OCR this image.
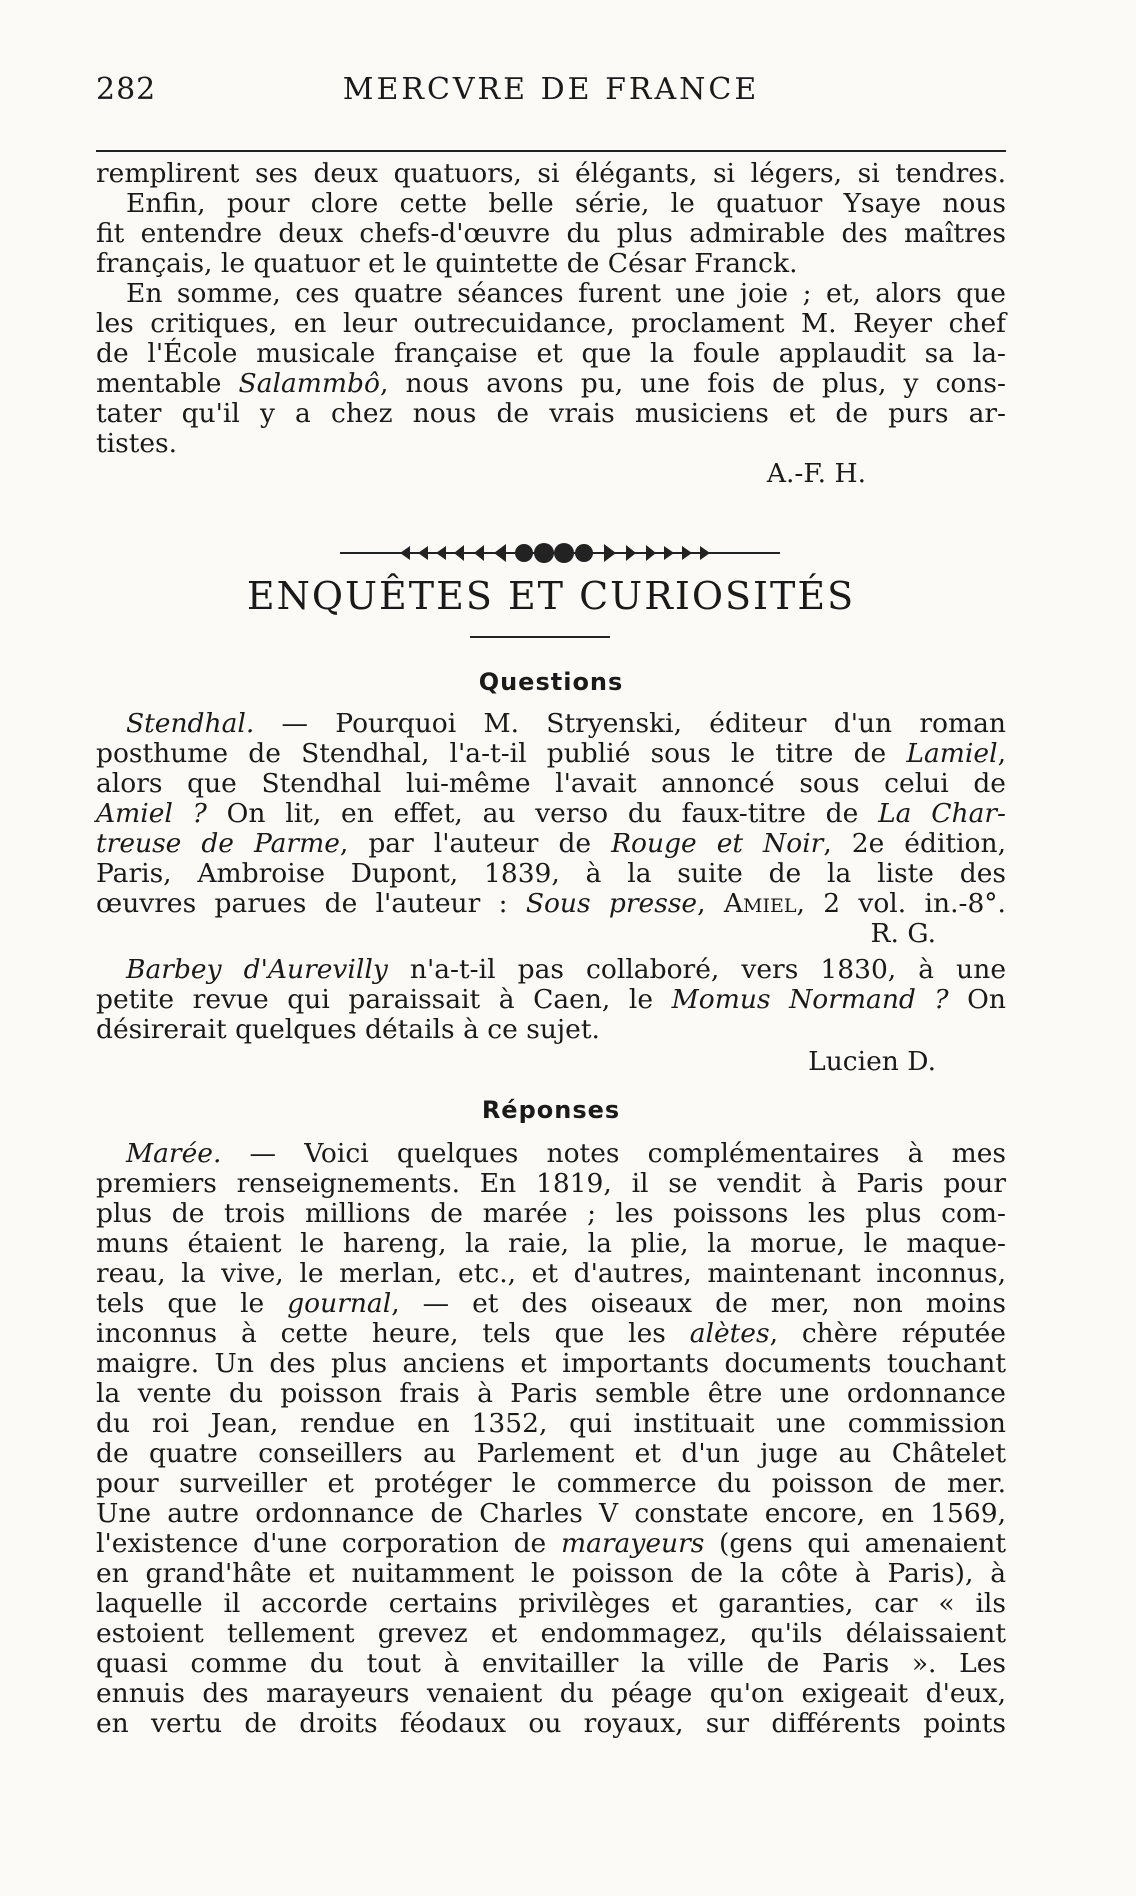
282	MERCVRE DE FRANCE
remplirent ses deux quatuors, si élégants, si légers, si tendres.
Enfin, pour clore cette belle série, le quatuor Ysaye nous
fit entendre deux chefs-d'œuvre du plus admirable des maîtres
français, le quatuor et le quintette de César Franck.
En somme, ces quatre séances furent une joie ; et, alors que
les critiques, en leur outrecuidance, proclament M. Reyer chef
de l'École musicale française et que la foule applaudit sa la-
mentable Salammbô, nous avons pu, une fois de plus, y cons-
tater qu'il y a chez nous de vrais musiciens et de purs ar-
tistes.
A.-F. H.
ENQUÊTES ET CURIOSITÉS
Questions
Stendhal. — Pourquoi M. Stryenski, éditeur d'un roman
posthume de Stendhal, l'a-t-il publié sous le titre de Lamiel,
alors que Stendhal lui-même l'avait annoncé sous celui de
Amiel ? On lit, en effet, au verso du faux-titre de La Char-
treuse de Parme, par l'auteur de Rouge et Noir, 2e édition,
Paris, Ambroise Dupont, 1839, à la suite de la liste des
œuvres parues de l'auteur : Sous presse, Amiel, 2 vol. in.-8°.
R. G.
Barbey d'Aurevilly n'a-t-il pas collaboré, vers 1830, à une
petite revue qui paraissait à Caen, le Momus Normand ? On
désirerait quelques détails à ce sujet.
Lucien D.
Réponses
Marée. — Voici quelques notes complémentaires à mes
premiers renseignements. En 1819, il se vendit à Paris pour
plus de trois millions de marée ; les poissons les plus com-
muns étaient le hareng, la raie, la plie, la morue, le maque-
reau, la vive, le merlan, etc., et d'autres, maintenant inconnus,
tels que le gournal, — et des oiseaux de mer, non moins
inconnus à cette heure, tels que les alètes, chère réputée
maigre. Un des plus anciens et importants documents touchant
la vente du poisson frais à Paris semble être une ordonnance
du roi Jean, rendue en 1352, qui instituait une commission
de quatre conseillers au Parlement et d'un juge au Châtelet
pour surveiller et protéger le commerce du poisson de mer.
Une autre ordonnance de Charles V constate encore, en 1569,
l'existence d'une corporation de marayeurs (gens qui amenaient
en grand'hâte et nuitamment le poisson de la côte à Paris), à
laquelle il accorde certains privilèges et garanties, car « ils
estoient tellement grevez et endommagez, qu'ils délaissaient
quasi comme du tout à envitailler la ville de Paris ». Les
ennuis des marayeurs venaient du péage qu'on exigeait d'eux,
en vertu de droits féodaux ou royaux, sur différents points
